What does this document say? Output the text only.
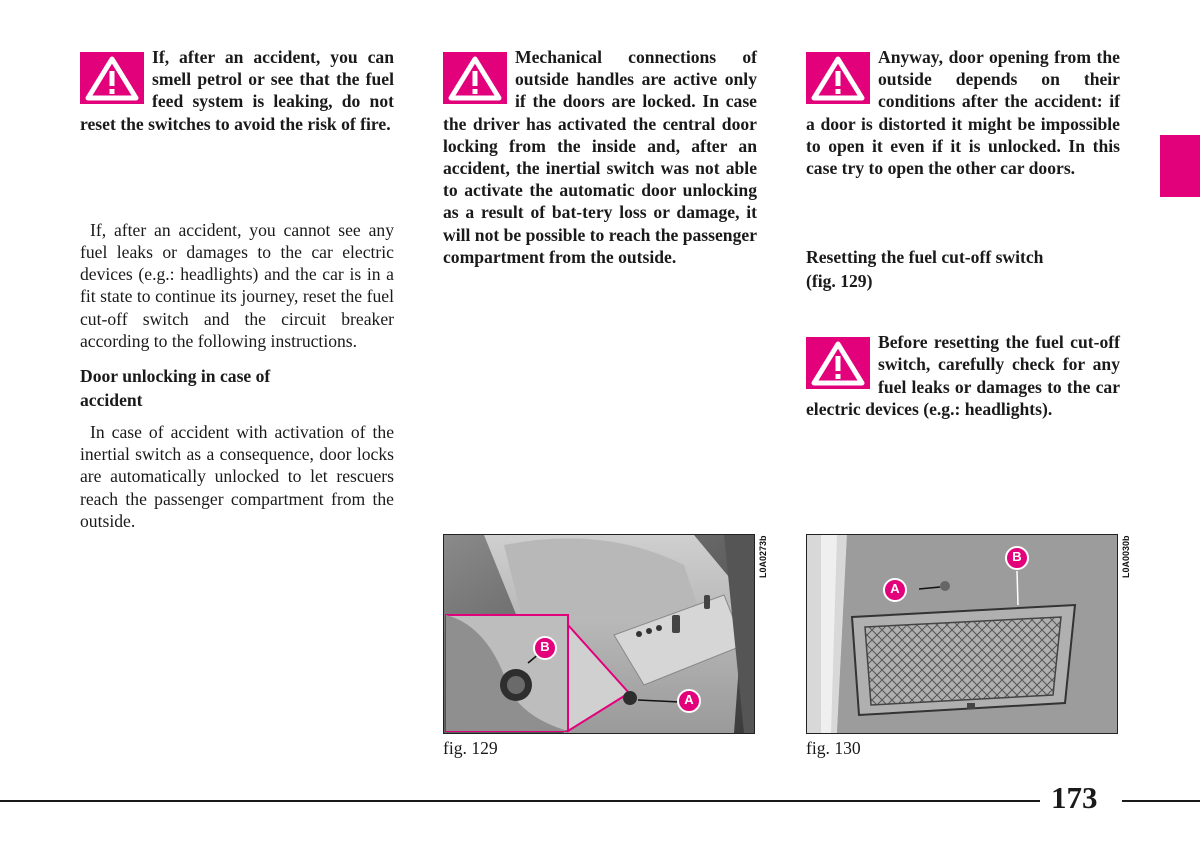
If, after an accident, you can smell petrol or see that the fuel feed system is leaking, do not reset the switches to avoid the risk of fire.

If, after an accident, you cannot see any fuel leaks or damages to the car electric devices (e.g.: headlights) and the car is in a fit state to continue its journey, reset the fuel cut-off switch and the circuit breaker according to the following instructions.

Door unlocking in case of
accident

In case of accident with activation of the inertial switch as a consequence, door locks are automatically unlocked to let rescuers reach the passenger compartment from the outside.

Mechanical connections of outside handles are active only if the doors are locked. In case the driver has activated the central door locking from the inside and, after an accident, the inertial switch was not able to activate the automatic door unlocking as a result of bat-tery loss or damage, it will not be possible to reach the passenger compartment from the outside.

Anyway, door opening from the outside depends on their conditions after the accident: if a door is distorted it might be impossible to open it even if it is unlocked. In this case try to open the other car doors.

Resetting the fuel cut-off switch
(fig. 129)

Before resetting the fuel cut-off switch, carefully check for any fuel leaks or damages to the car electric devices (e.g.: headlights).

B
A
L0A0273b
fig. 129
A
B	L0A0030b
fig. 130
173
